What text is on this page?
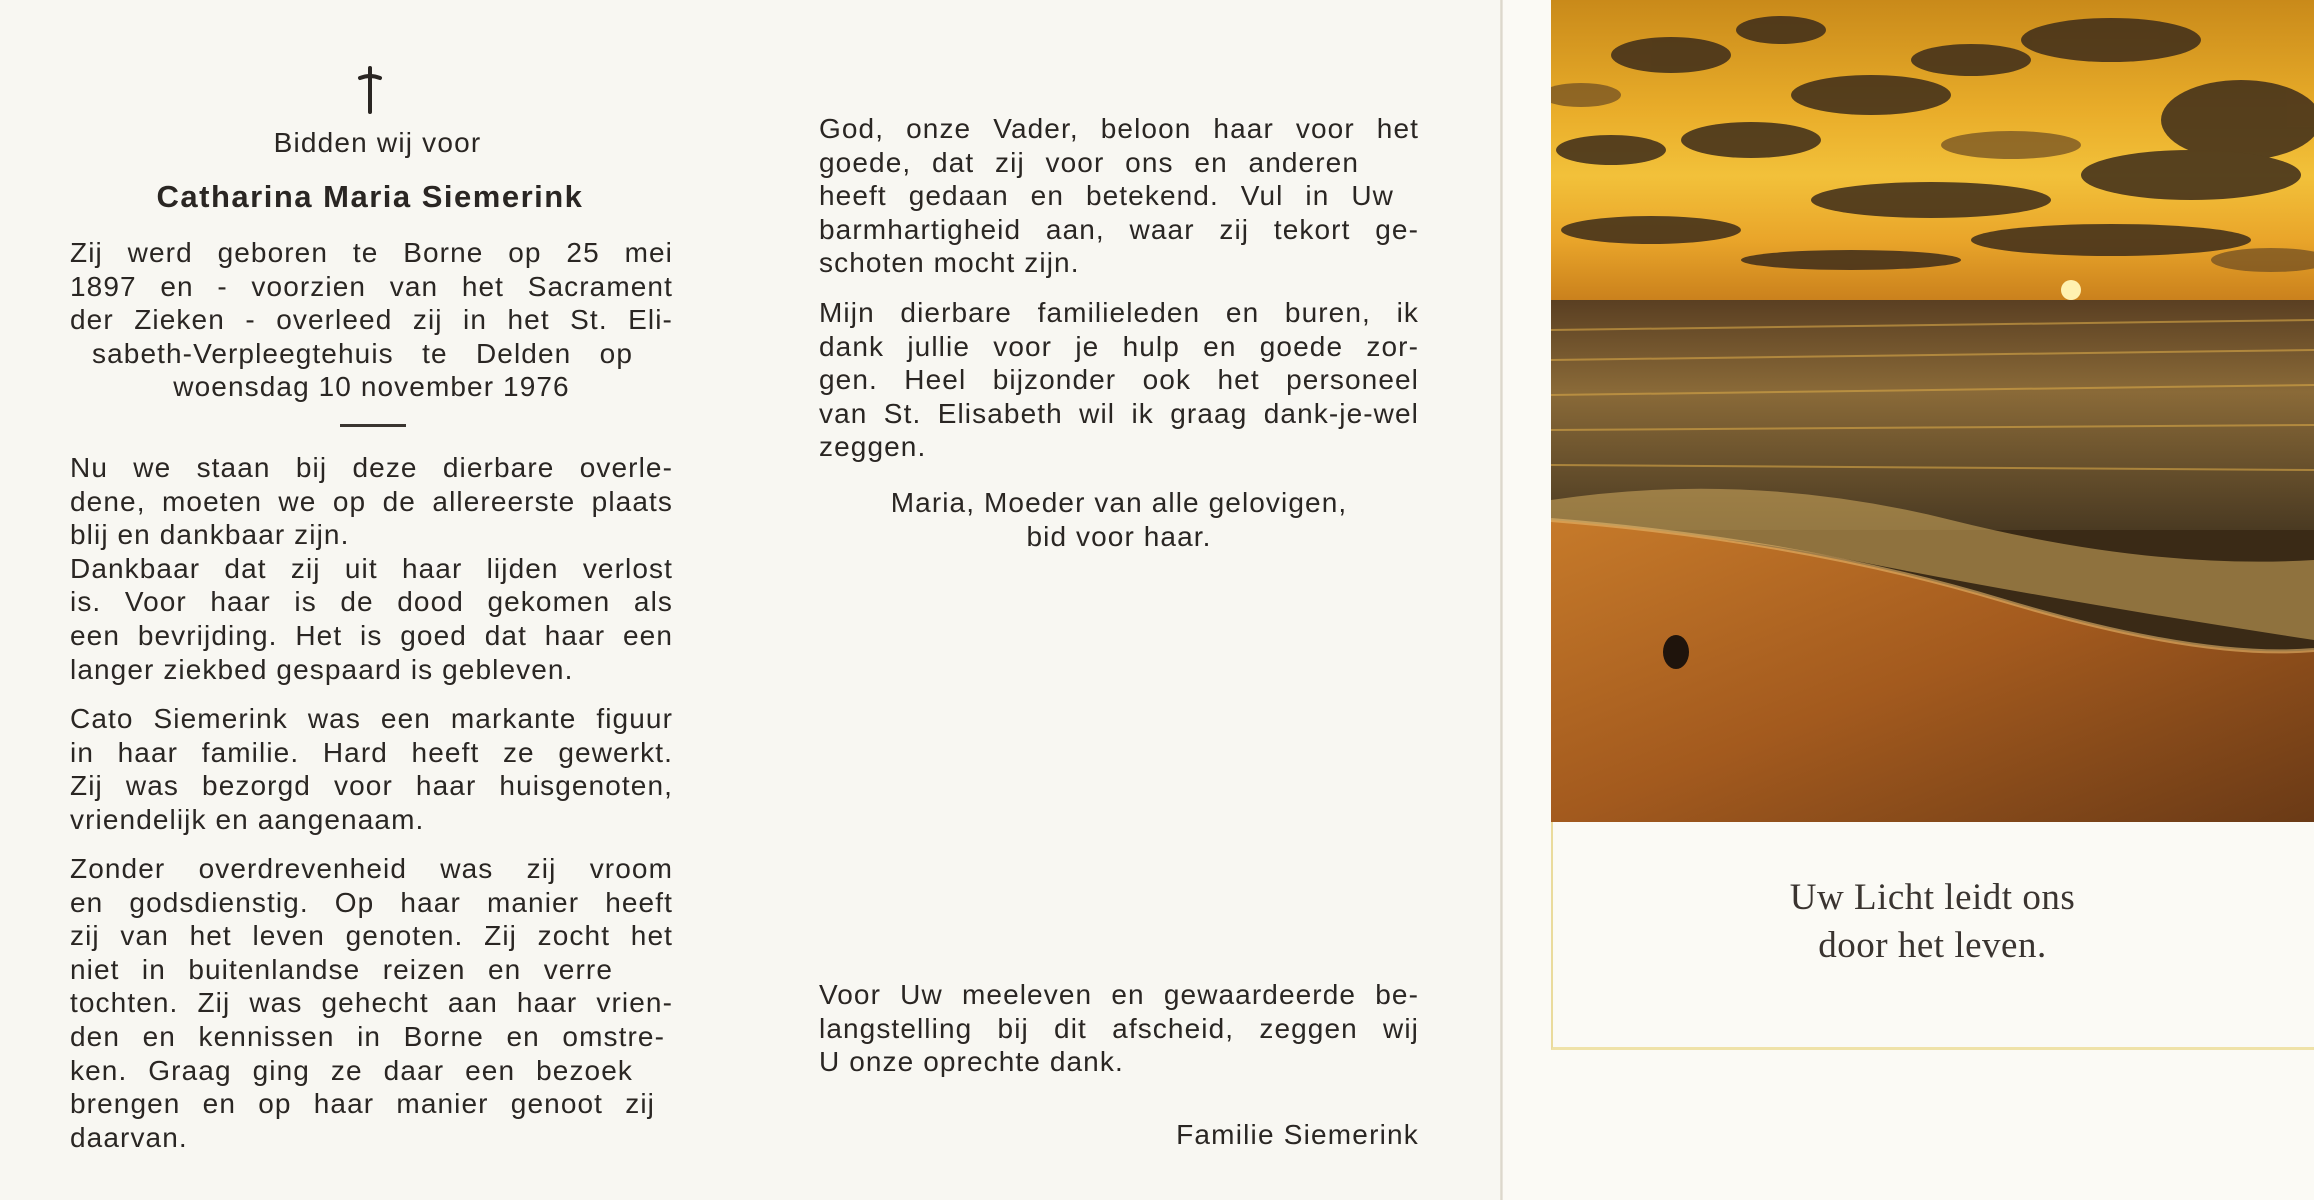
Bidden wij voor

Catharina Maria Siemerink

Zij werd geboren te Borne op 25 mei
1897 en - voorzien van het Sacrament
der Zieken - overleed zij in het St. Eli-
sabeth-Verpleegtehuis te Delden op
woensdag 10 november 1976
Nu we staan bij deze dierbare overle-
dene, moeten we op de allereerste plaats
blij en dankbaar zijn.
Dankbaar dat zij uit haar lijden verlost
is. Voor haar is de dood gekomen als
een bevrijding. Het is goed dat haar een
langer ziekbed gespaard is gebleven.
Cato Siemerink was een markante figuur
in haar familie. Hard heeft ze gewerkt.
Zij was bezorgd voor haar huisgenoten,
vriendelijk en aangenaam.
Zonder overdrevenheid was zij vroom
en godsdienstig. Op haar manier heeft
zij van het leven genoten. Zij zocht het
niet in buitenlandse reizen en verre
tochten. Zij was gehecht aan haar vrien-
den en kennissen in Borne en omstre-
ken. Graag ging ze daar een bezoek
brengen en op haar manier genoot zij
daarvan.
God, onze Vader, beloon haar voor het
goede, dat zij voor ons en anderen
heeft gedaan en betekend. Vul in Uw
barmhartigheid aan, waar zij tekort ge-
schoten mocht zijn.
Mijn dierbare familieleden en buren, ik
dank jullie voor je hulp en goede zor-
gen. Heel bijzonder ook het personeel
van St. Elisabeth wil ik graag dank-je-wel
zeggen.
Maria, Moeder van alle gelovigen,
bid voor haar.
Voor Uw meeleven en gewaardeerde be-
langstelling bij dit afscheid, zeggen wij
U onze oprechte dank.

Familie Siemerink

Uw Licht leidt ons

door het leven.
